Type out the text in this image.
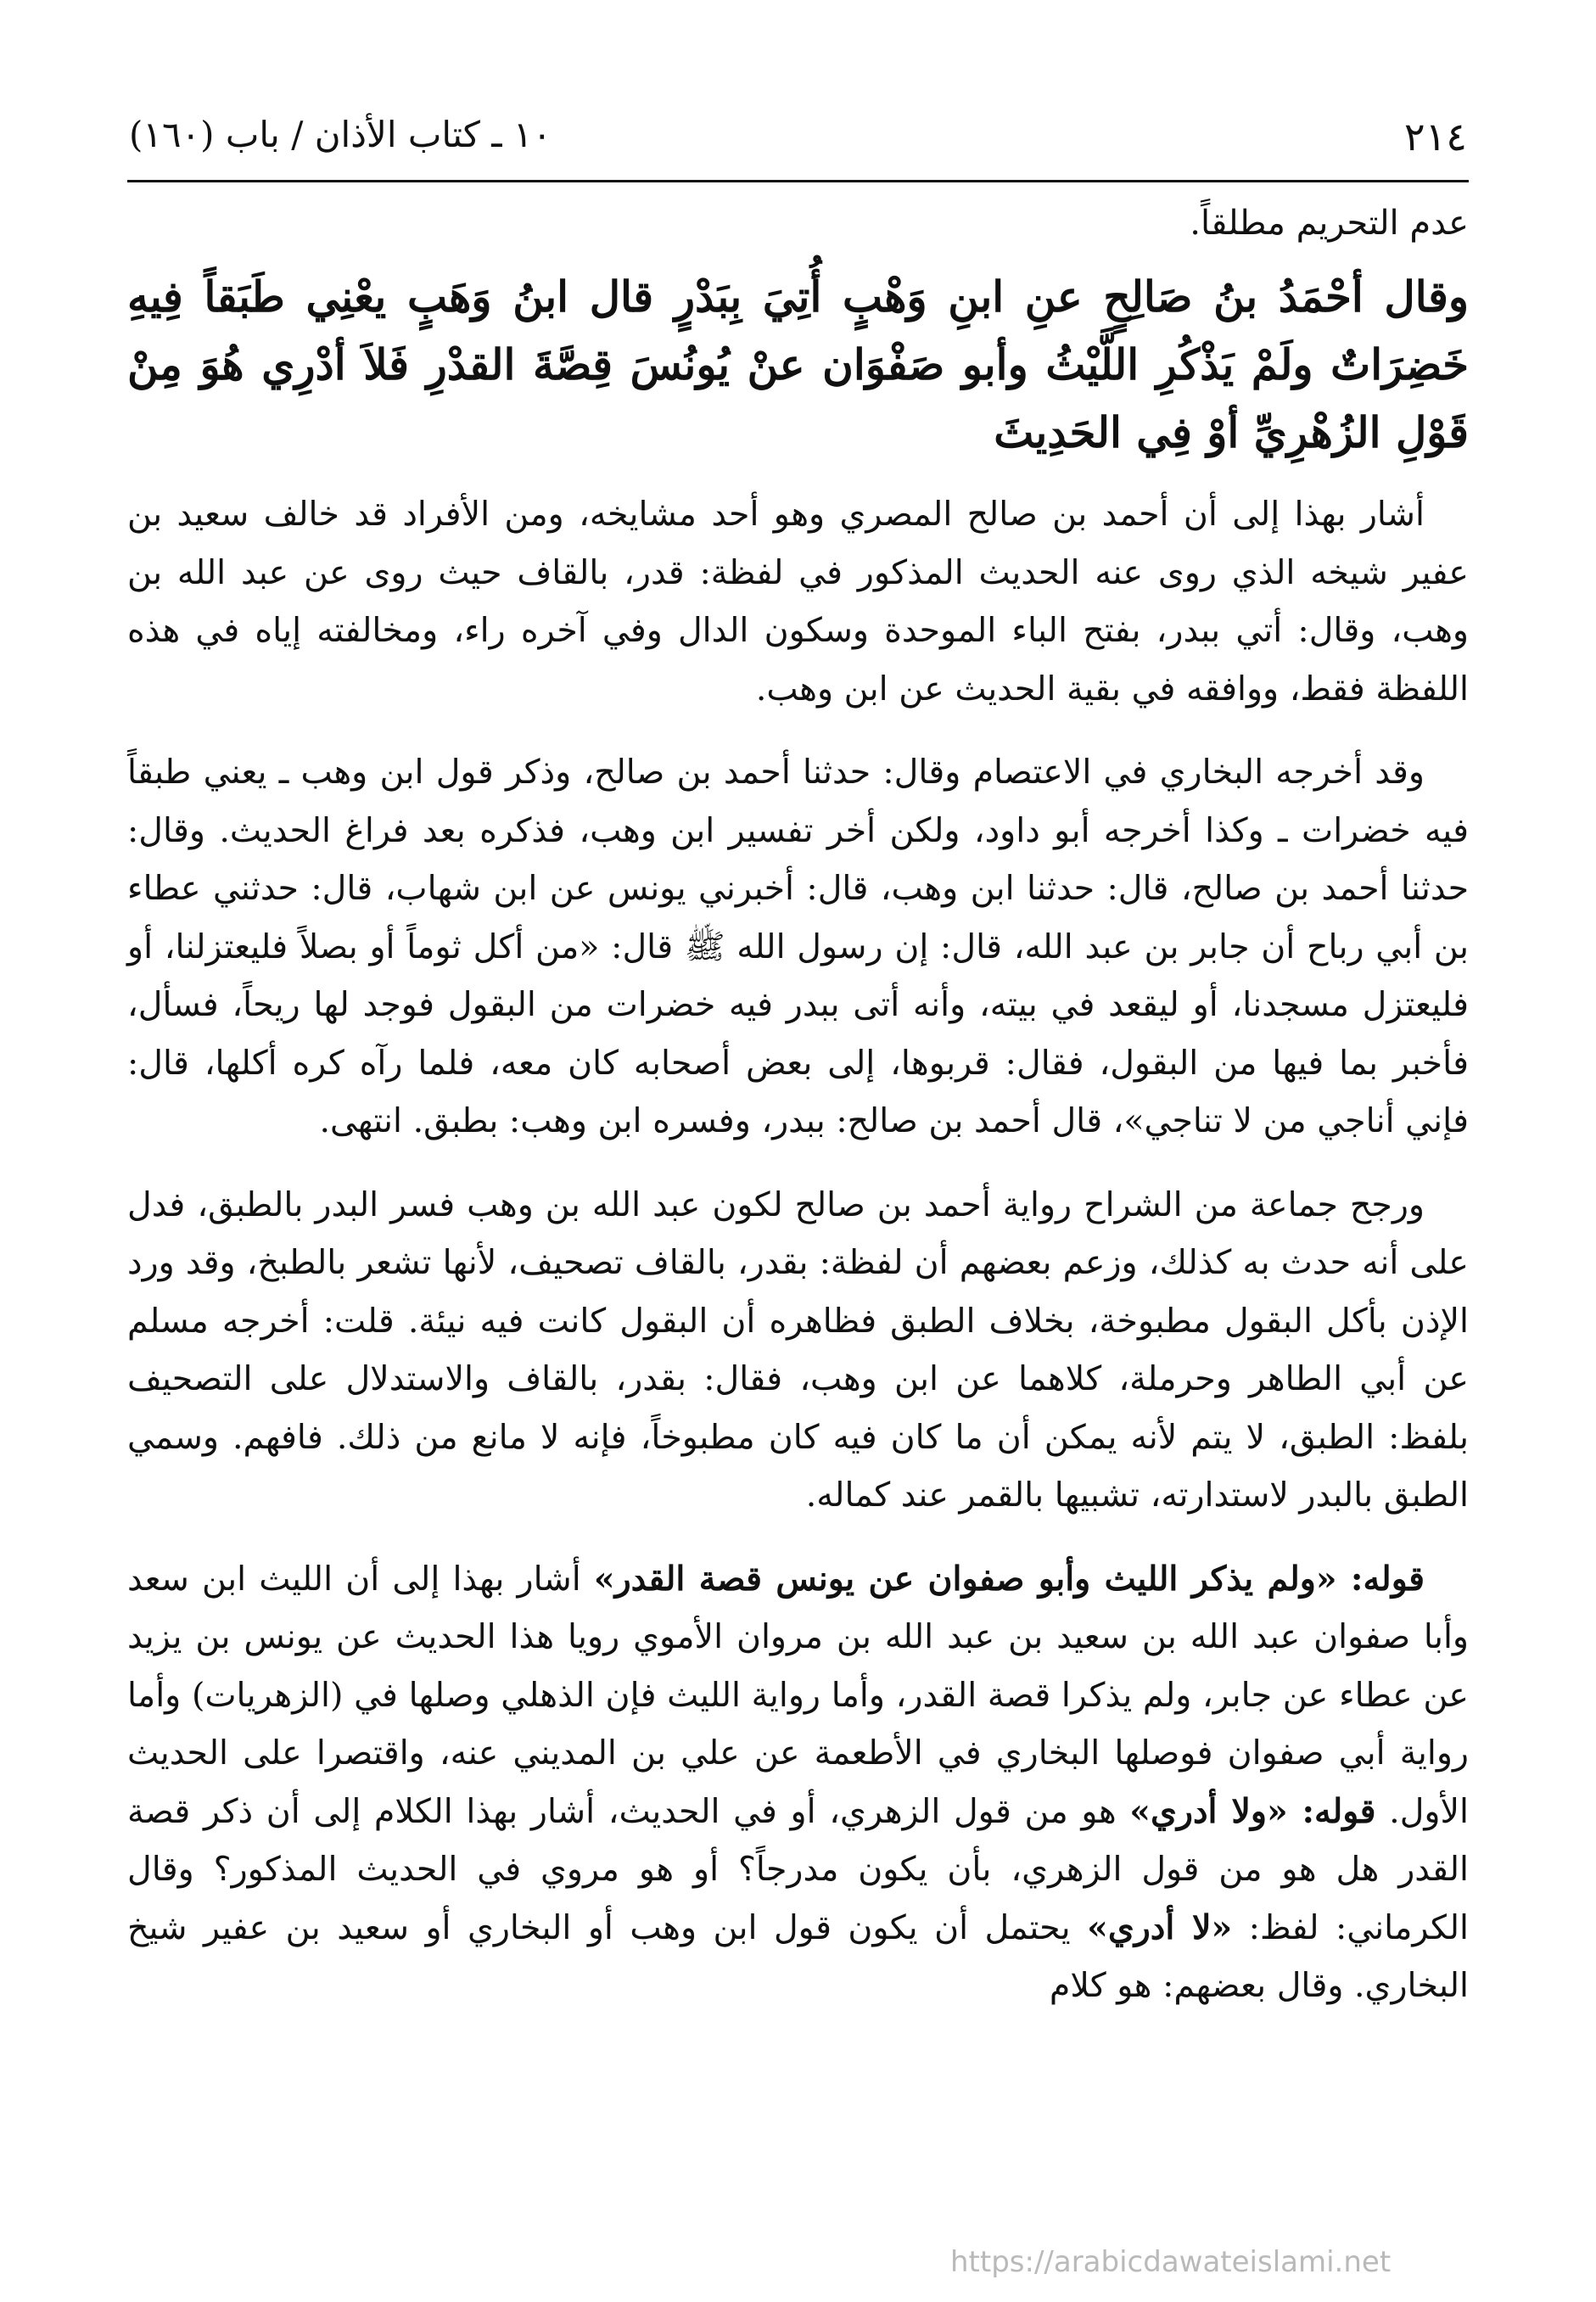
٢١٤
١٠ ـ كتاب الأذان / باب (١٦٠)

عدم التحريم مطلقاً.

وقال أحْمَدُ بنُ صَالِحٍ عنِ ابنِ وَهْبٍ أُتِيَ بِبَدْرٍ قال ابنُ وَهَبٍ يعْنِي طَبَقاً فِيهِ خَضِرَاتٌ ولَمْ يَذْكُرِ اللَّيْثُ وأبو صَفْوَان عنْ يُونُسَ قِصَّةَ القدْرِ فَلاَ أدْرِي هُوَ مِنْ قَوْلِ الزُهْرِيِّ أوْ فِي الحَدِيثَ

أشار بهذا إلى أن أحمد بن صالح المصري وهو أحد مشايخه، ومن الأفراد قد خالف سعيد بن عفير شيخه الذي روى عنه الحديث المذكور في لفظة: قدر، بالقاف حيث روى عن عبد الله بن وهب، وقال: أتي ببدر، بفتح الباء الموحدة وسكون الدال وفي آخره راء، ومخالفته إياه في هذه اللفظة فقط، ووافقه في بقية الحديث عن ابن وهب.

وقد أخرجه البخاري في الاعتصام وقال: حدثنا أحمد بن صالح، وذكر قول ابن وهب ـ يعني طبقاً فيه خضرات ـ وكذا أخرجه أبو داود، ولكن أخر تفسير ابن وهب، فذكره بعد فراغ الحديث. وقال: حدثنا أحمد بن صالح، قال: حدثنا ابن وهب، قال: أخبرني يونس عن ابن شهاب، قال: حدثني عطاء بن أبي رباح أن جابر بن عبد الله، قال: إن رسول الله ﷺ قال: «من أكل ثوماً أو بصلاً فليعتزلنا، أو فليعتزل مسجدنا، أو ليقعد في بيته، وأنه أتى ببدر فيه خضرات من البقول فوجد لها ريحاً، فسأل، فأخبر بما فيها من البقول، فقال: قربوها، إلى بعض أصحابه كان معه، فلما رآه كره أكلها، قال: فإني أناجي من لا تناجي»، قال أحمد بن صالح: ببدر، وفسره ابن وهب: بطبق. انتهى.

ورجح جماعة من الشراح رواية أحمد بن صالح لكون عبد الله بن وهب فسر البدر بالطبق، فدل على أنه حدث به كذلك، وزعم بعضهم أن لفظة: بقدر، بالقاف تصحيف، لأنها تشعر بالطبخ، وقد ورد الإذن بأكل البقول مطبوخة، بخلاف الطبق فظاهره أن البقول كانت فيه نيئة. قلت: أخرجه مسلم عن أبي الطاهر وحرملة، كلاهما عن ابن وهب، فقال: بقدر، بالقاف والاستدلال على التصحيف بلفظ: الطبق، لا يتم لأنه يمكن أن ما كان فيه كان مطبوخاً، فإنه لا مانع من ذلك. فافهم. وسمي الطبق بالبدر لاستدارته، تشبيها بالقمر عند كماله.

قوله: «ولم يذكر الليث وأبو صفوان عن يونس قصة القدر» أشار بهذا إلى أن الليث ابن سعد وأبا صفوان عبد الله بن سعيد بن عبد الله بن مروان الأموي رويا هذا الحديث عن يونس بن يزيد عن عطاء عن جابر، ولم يذكرا قصة القدر، وأما رواية الليث فإن الذهلي وصلها في (الزهريات) وأما رواية أبي صفوان فوصلها البخاري في الأطعمة عن علي بن المديني عنه، واقتصرا على الحديث الأول. قوله: «ولا أدري» هو من قول الزهري، أو في الحديث، أشار بهذا الكلام إلى أن ذكر قصة القدر هل هو من قول الزهري، بأن يكون مدرجاً؟ أو هو مروي في الحديث المذكور؟ وقال الكرماني: لفظ: «لا أدري» يحتمل أن يكون قول ابن وهب أو البخاري أو سعيد بن عفير شيخ البخاري. وقال بعضهم: هو كلام

https://arabicdawateislami.net
